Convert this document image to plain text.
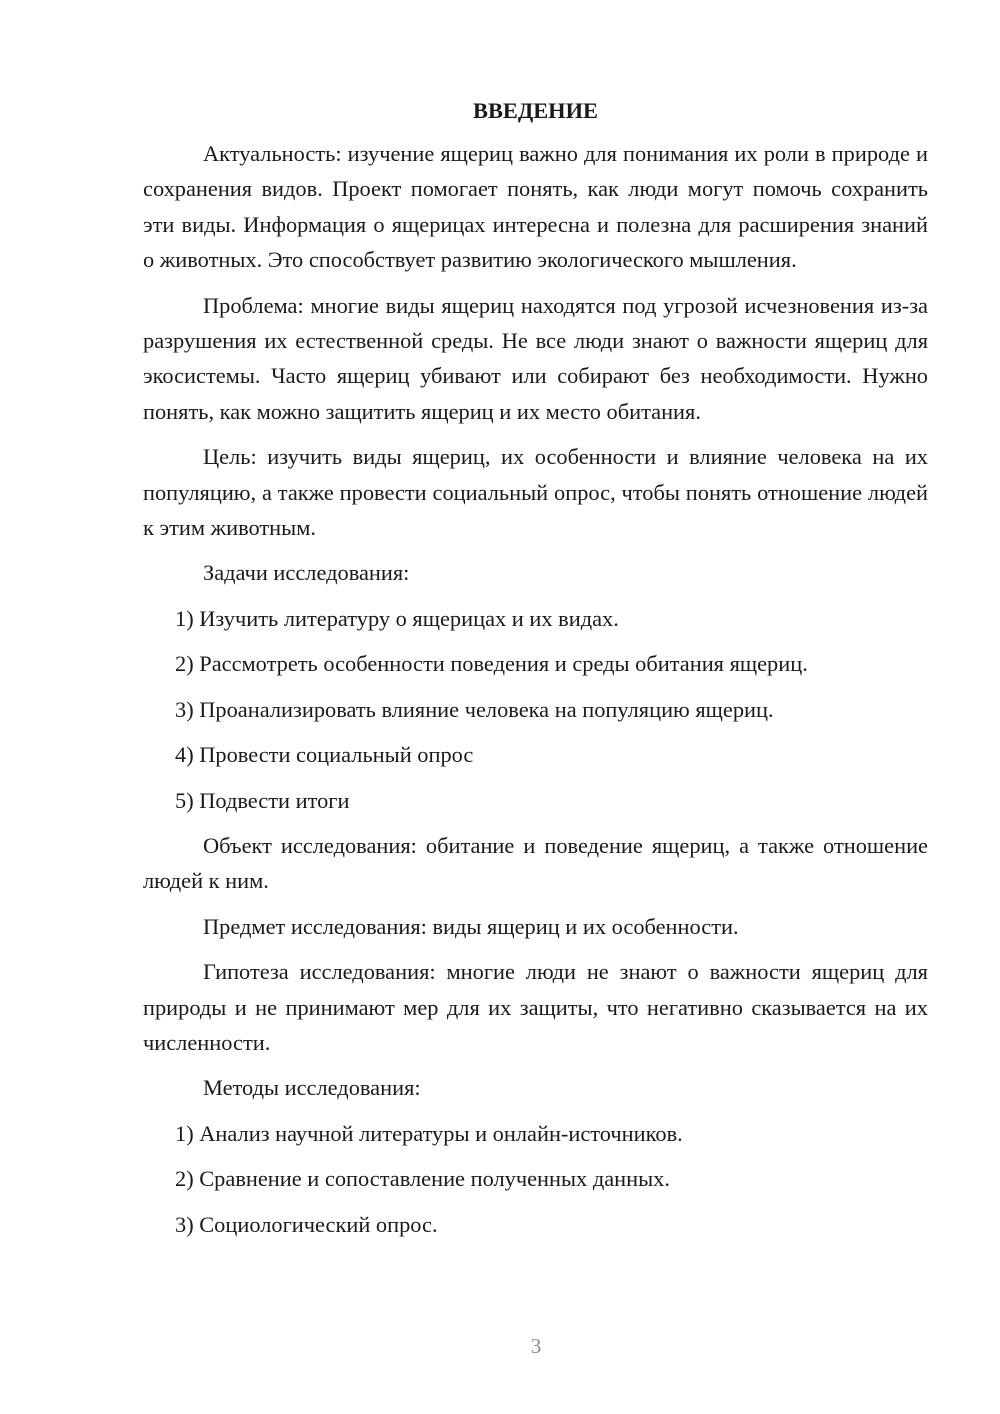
ВВЕДЕНИЕ

Актуальность: изучение ящериц важно для понимания их роли в природе и сохранения видов. Проект помогает понять, как люди могут помочь сохранить эти виды. Информация о ящерицах интересна и полезна для расширения знаний о животных. Это способствует развитию экологического мышления.

Проблема: многие виды ящериц находятся под угрозой исчезновения из-за разрушения их естественной среды. Не все люди знают о важности ящериц для экосистемы. Часто ящериц убивают или собирают без необходимости. Нужно понять, как можно защитить ящериц и их место обитания.

Цель: изучить виды ящериц, их особенности и влияние человека на их популяцию, а также провести социальный опрос, чтобы понять отношение людей к этим животным.

Задачи исследования:

1) Изучить литературу о ящерицах и их видах.
2) Рассмотреть особенности поведения и среды обитания ящериц.
3) Проанализировать влияние человека на популяцию ящериц.
4) Провести социальный опрос
5) Подвести итоги

Объект исследования: обитание и поведение ящериц, а также отношение людей к ним.

Предмет исследования: виды ящериц и их особенности.

Гипотеза исследования: многие люди не знают о важности ящериц для природы и не принимают мер для их защиты, что негативно сказывается на их численности.

Методы исследования:

1) Анализ научной литературы и онлайн-источников.
2) Сравнение и сопоставление полученных данных.
3) Социологический опрос.
3
